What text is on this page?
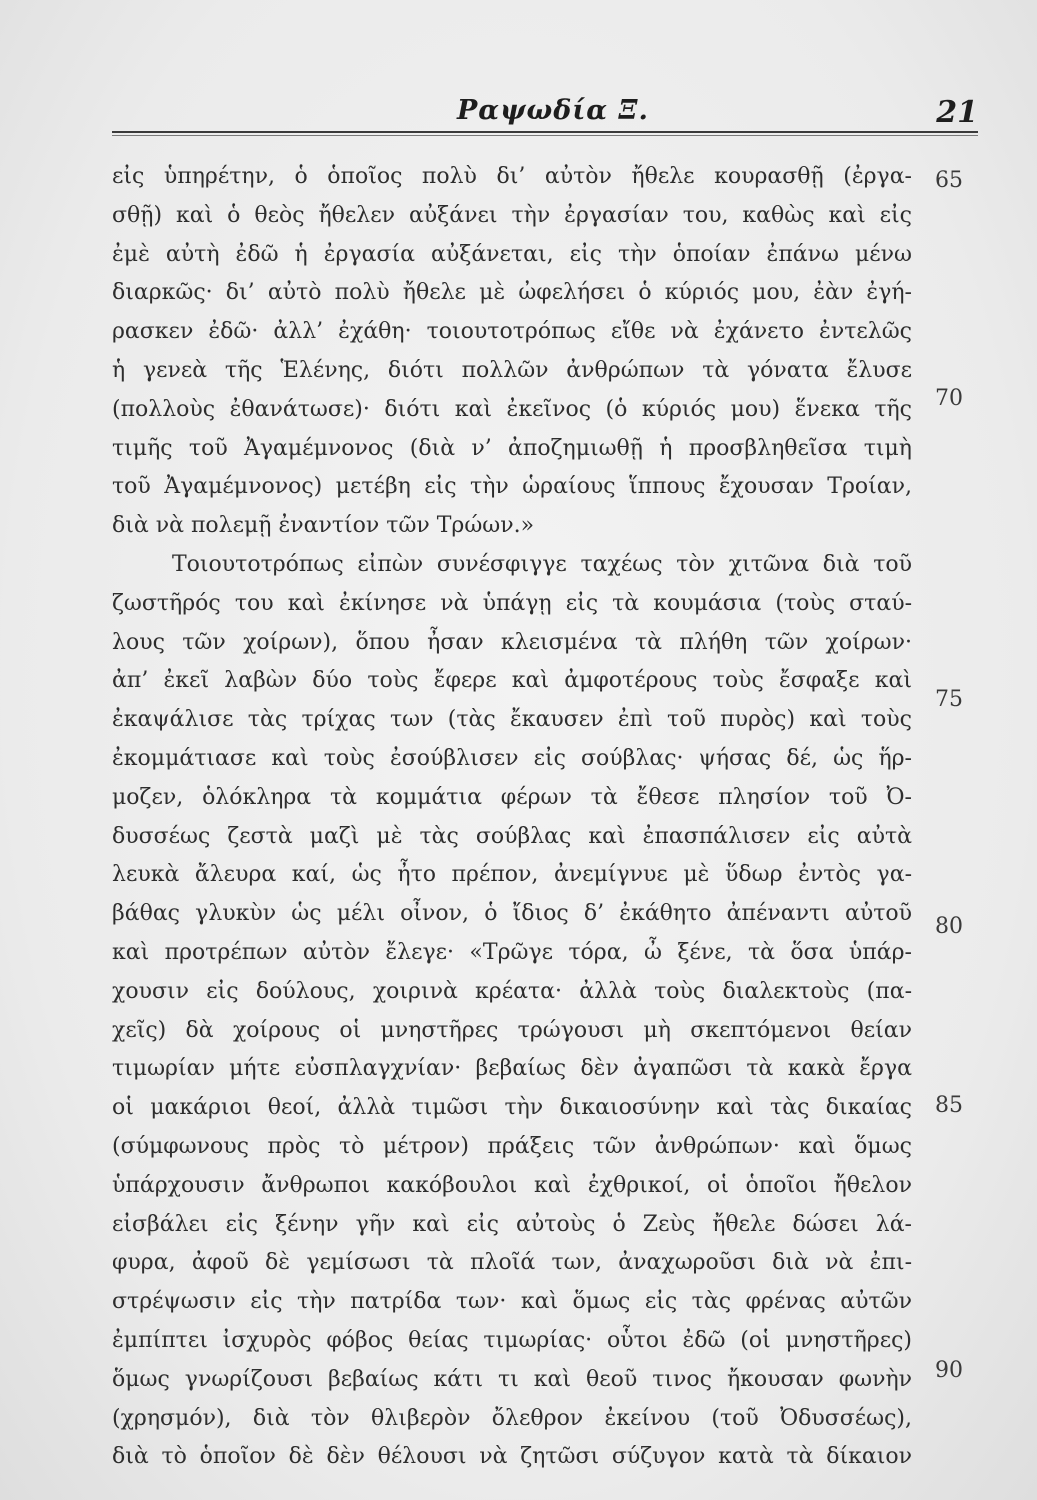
Ραψωδία Ξ.	21
εἰς ὑπηρέτην, ὁ ὁποῖος πολὺ δι’ αὐτὸν ἤθελε κουρασθῇ (ἐργα-
σθῇ) καὶ ὁ θεὸς ἤθελεν αὐξάνει τὴν ἐργασίαν του, καθὼς καὶ εἰς
ἐμὲ αὐτὴ ἐδῶ ἡ ἐργασία αὐξάνεται, εἰς τὴν ὁποίαν ἐπάνω μένω
διαρκῶς· δι’ αὐτὸ πολὺ ἤθελε μὲ ὠφελήσει ὁ κύριός μου, ἐὰν ἐγή-
ρασκεν ἐδῶ· ἀλλ’ ἐχάθη· τοιουτοτρόπως εἴθε νὰ ἐχάνετο ἐντελῶς
ἡ γενεὰ τῆς Ἑλένης, διότι πολλῶν ἀνθρώπων τὰ γόνατα ἔλυσε
(πολλοὺς ἐθανάτωσε)· διότι καὶ ἐκεῖνος (ὁ κύριός μου) ἕνεκα τῆς
τιμῆς τοῦ Ἀγαμέμνονος (διὰ ν’ ἀποζημιωθῇ ἡ προσβληθεῖσα τιμὴ
τοῦ Ἀγαμέμνονος) μετέβη εἰς τὴν ὡραίους ἵππους ἔχουσαν Τροίαν,
διὰ νὰ πολεμῇ ἐναντίον τῶν Τρώων.»
Τοιουτοτρόπως εἰπὼν συνέσφιγγε ταχέως τὸν χιτῶνα διὰ τοῦ
ζωστῆρός του καὶ ἐκίνησε νὰ ὑπάγῃ εἰς τὰ κουμάσια (τοὺς σταύ-
λους τῶν χοίρων), ὅπου ἦσαν κλεισμένα τὰ πλήθη τῶν χοίρων·
ἀπ’ ἐκεῖ λαβὼν δύο τοὺς ἔφερε καὶ ἀμφοτέρους τοὺς ἔσφαξε καὶ
ἐκαψάλισε τὰς τρίχας των (τὰς ἔκαυσεν ἐπὶ τοῦ πυρὸς) καὶ τοὺς
ἐκομμάτιασε καὶ τοὺς ἐσούβλισεν εἰς σούβλας· ψήσας δέ, ὡς ἥρ-
μοζεν, ὁλόκληρα τὰ κομμάτια φέρων τὰ ἔθεσε πλησίον τοῦ Ὀ-
δυσσέως ζεστὰ μαζὶ μὲ τὰς σούβλας καὶ ἐπασπάλισεν εἰς αὐτὰ
λευκὰ ἄλευρα καί, ὡς ἦτο πρέπον, ἀνεμίγνυε μὲ ὕδωρ ἐντὸς γα-
βάθας γλυκὺν ὡς μέλι οἶνον, ὁ ἴδιος δ’ ἐκάθητο ἀπέναντι αὐτοῦ
καὶ προτρέπων αὐτὸν ἔλεγε· «Τρῶγε τόρα, ὦ ξένε, τὰ ὅσα ὑπάρ-
χουσιν εἰς δούλους, χοιρινὰ κρέατα· ἀλλὰ τοὺς διαλεκτοὺς (πα-
χεῖς) δὰ χοίρους οἱ μνηστῆρες τρώγουσι μὴ σκεπτόμενοι θείαν
τιμωρίαν μήτε εὐσπλαγχνίαν· βεβαίως δὲν ἀγαπῶσι τὰ κακὰ ἔργα
οἱ μακάριοι θεοί, ἀλλὰ τιμῶσι τὴν δικαιοσύνην καὶ τὰς δικαίας
(σύμφωνους πρὸς τὸ μέτρον) πράξεις τῶν ἀνθρώπων· καὶ ὅμως
ὑπάρχουσιν ἄνθρωποι κακόβουλοι καὶ ἐχθρικοί, οἱ ὁποῖοι ἤθελον
εἰσβάλει εἰς ξένην γῆν καὶ εἰς αὐτοὺς ὁ Ζεὺς ἤθελε δώσει λά-
φυρα, ἀφοῦ δὲ γεμίσωσι τὰ πλοῖά των, ἀναχωροῦσι διὰ νὰ ἐπι-
στρέψωσιν εἰς τὴν πατρίδα των· καὶ ὅμως εἰς τὰς φρένας αὐτῶν
ἐμπίπτει ἰσχυρὸς φόβος θείας τιμωρίας· οὗτοι ἐδῶ (οἱ μνηστῆρες)
ὅμως γνωρίζουσι βεβαίως κάτι τι καὶ θεοῦ τινος ἤκουσαν φωνὴν
(χρησμόν), διὰ τὸν θλιβερὸν ὄλεθρον ἐκείνου (τοῦ Ὀδυσσέως),
διὰ τὸ ὁποῖον δὲ δὲν θέλουσι νὰ ζητῶσι σύζυγον κατὰ τὰ δίκαιον
65
70
75
80
85
90
